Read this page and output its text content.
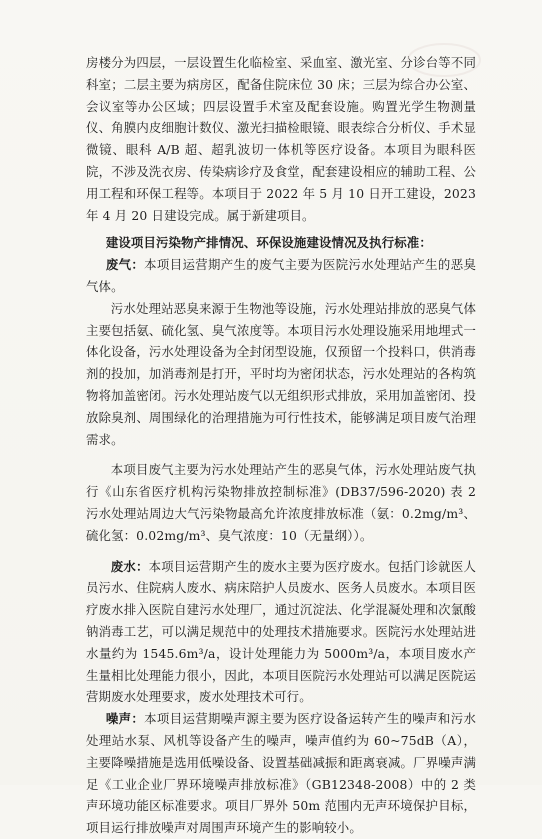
房楼分为四层，一层设置生化临检室、采血室、激光室、分诊台等不同科室；二层主要为病房区，配备住院床位 30 床；三层为综合办公室、会议室等办公区域；四层设置手术室及配套设施。购置光学生物测量仪、角膜内皮细胞计数仪、激光扫描检眼镜、眼表综合分析仪、手术显微镜、眼科 A/B 超、超乳波切一体机等医疗设备。本项目为眼科医院，不涉及洗衣房、传染病诊疗及食堂，配套建设相应的辅助工程、公用工程和环保工程等。本项目于 2022 年 5 月 10 日开工建设，2023 年 4 月 20 日建设完成。属于新建项目。

建设项目污染物产排情况、环保设施建设情况及执行标准：

废气：本项目运营期产生的废气主要为医院污水处理站产生的恶臭气体。

污水处理站恶臭来源于生物池等设施，污水处理站排放的恶臭气体主要包括氨、硫化氢、臭气浓度等。本项目污水处理设施采用地埋式一体化设备，污水处理设备为全封闭型设施，仅预留一个投料口，供消毒剂的投加，加消毒剂是打开，平时均为密闭状态，污水处理站的各构筑物将加盖密闭。污水处理站废气以无组织形式排放，采用加盖密闭、投放除臭剂、周围绿化的治理措施为可行性技术，能够满足项目废气治理需求。

本项目废气主要为污水处理站产生的恶臭气体，污水处理站废气执行《山东省医疗机构污染物排放控制标准》(DB37/596-2020) 表 2 污水处理站周边大气污染物最高允许浓度排放标准（氨：0.2mg/m³、硫化氢：0.02mg/m³、臭气浓度：10（无量纲））。

废水：本项目运营期产生的废水主要为医疗废水。包括门诊就医人员污水、住院病人废水、病床陪护人员废水、医务人员废水。本项目医疗废水排入医院自建污水处理厂，通过沉淀法、化学混凝处理和次氯酸钠消毒工艺，可以满足规范中的处理技术措施要求。医院污水处理站进水量约为 1545.6m³/a，设计处理能力为 5000m³/a，本项目废水产生量相比处理能力很小，因此，本项目医院污水处理站可以满足医院运营期废水处理要求，废水处理技术可行。

噪声：本项目运营期噪声源主要为医疗设备运转产生的噪声和污水处理站水泵、风机等设备产生的噪声，噪声值约为 60~75dB（A），主要降噪措施是选用低噪设备、设置基础减振和距离衰减。厂界噪声满足《工业企业厂界环境噪声排放标准》（GB12348-2008）中的 2 类声环境功能区标准要求。项目厂界外 50m 范围内无声环境保护目标，项目运行排放噪声对周围声环境产生的影响较小。
